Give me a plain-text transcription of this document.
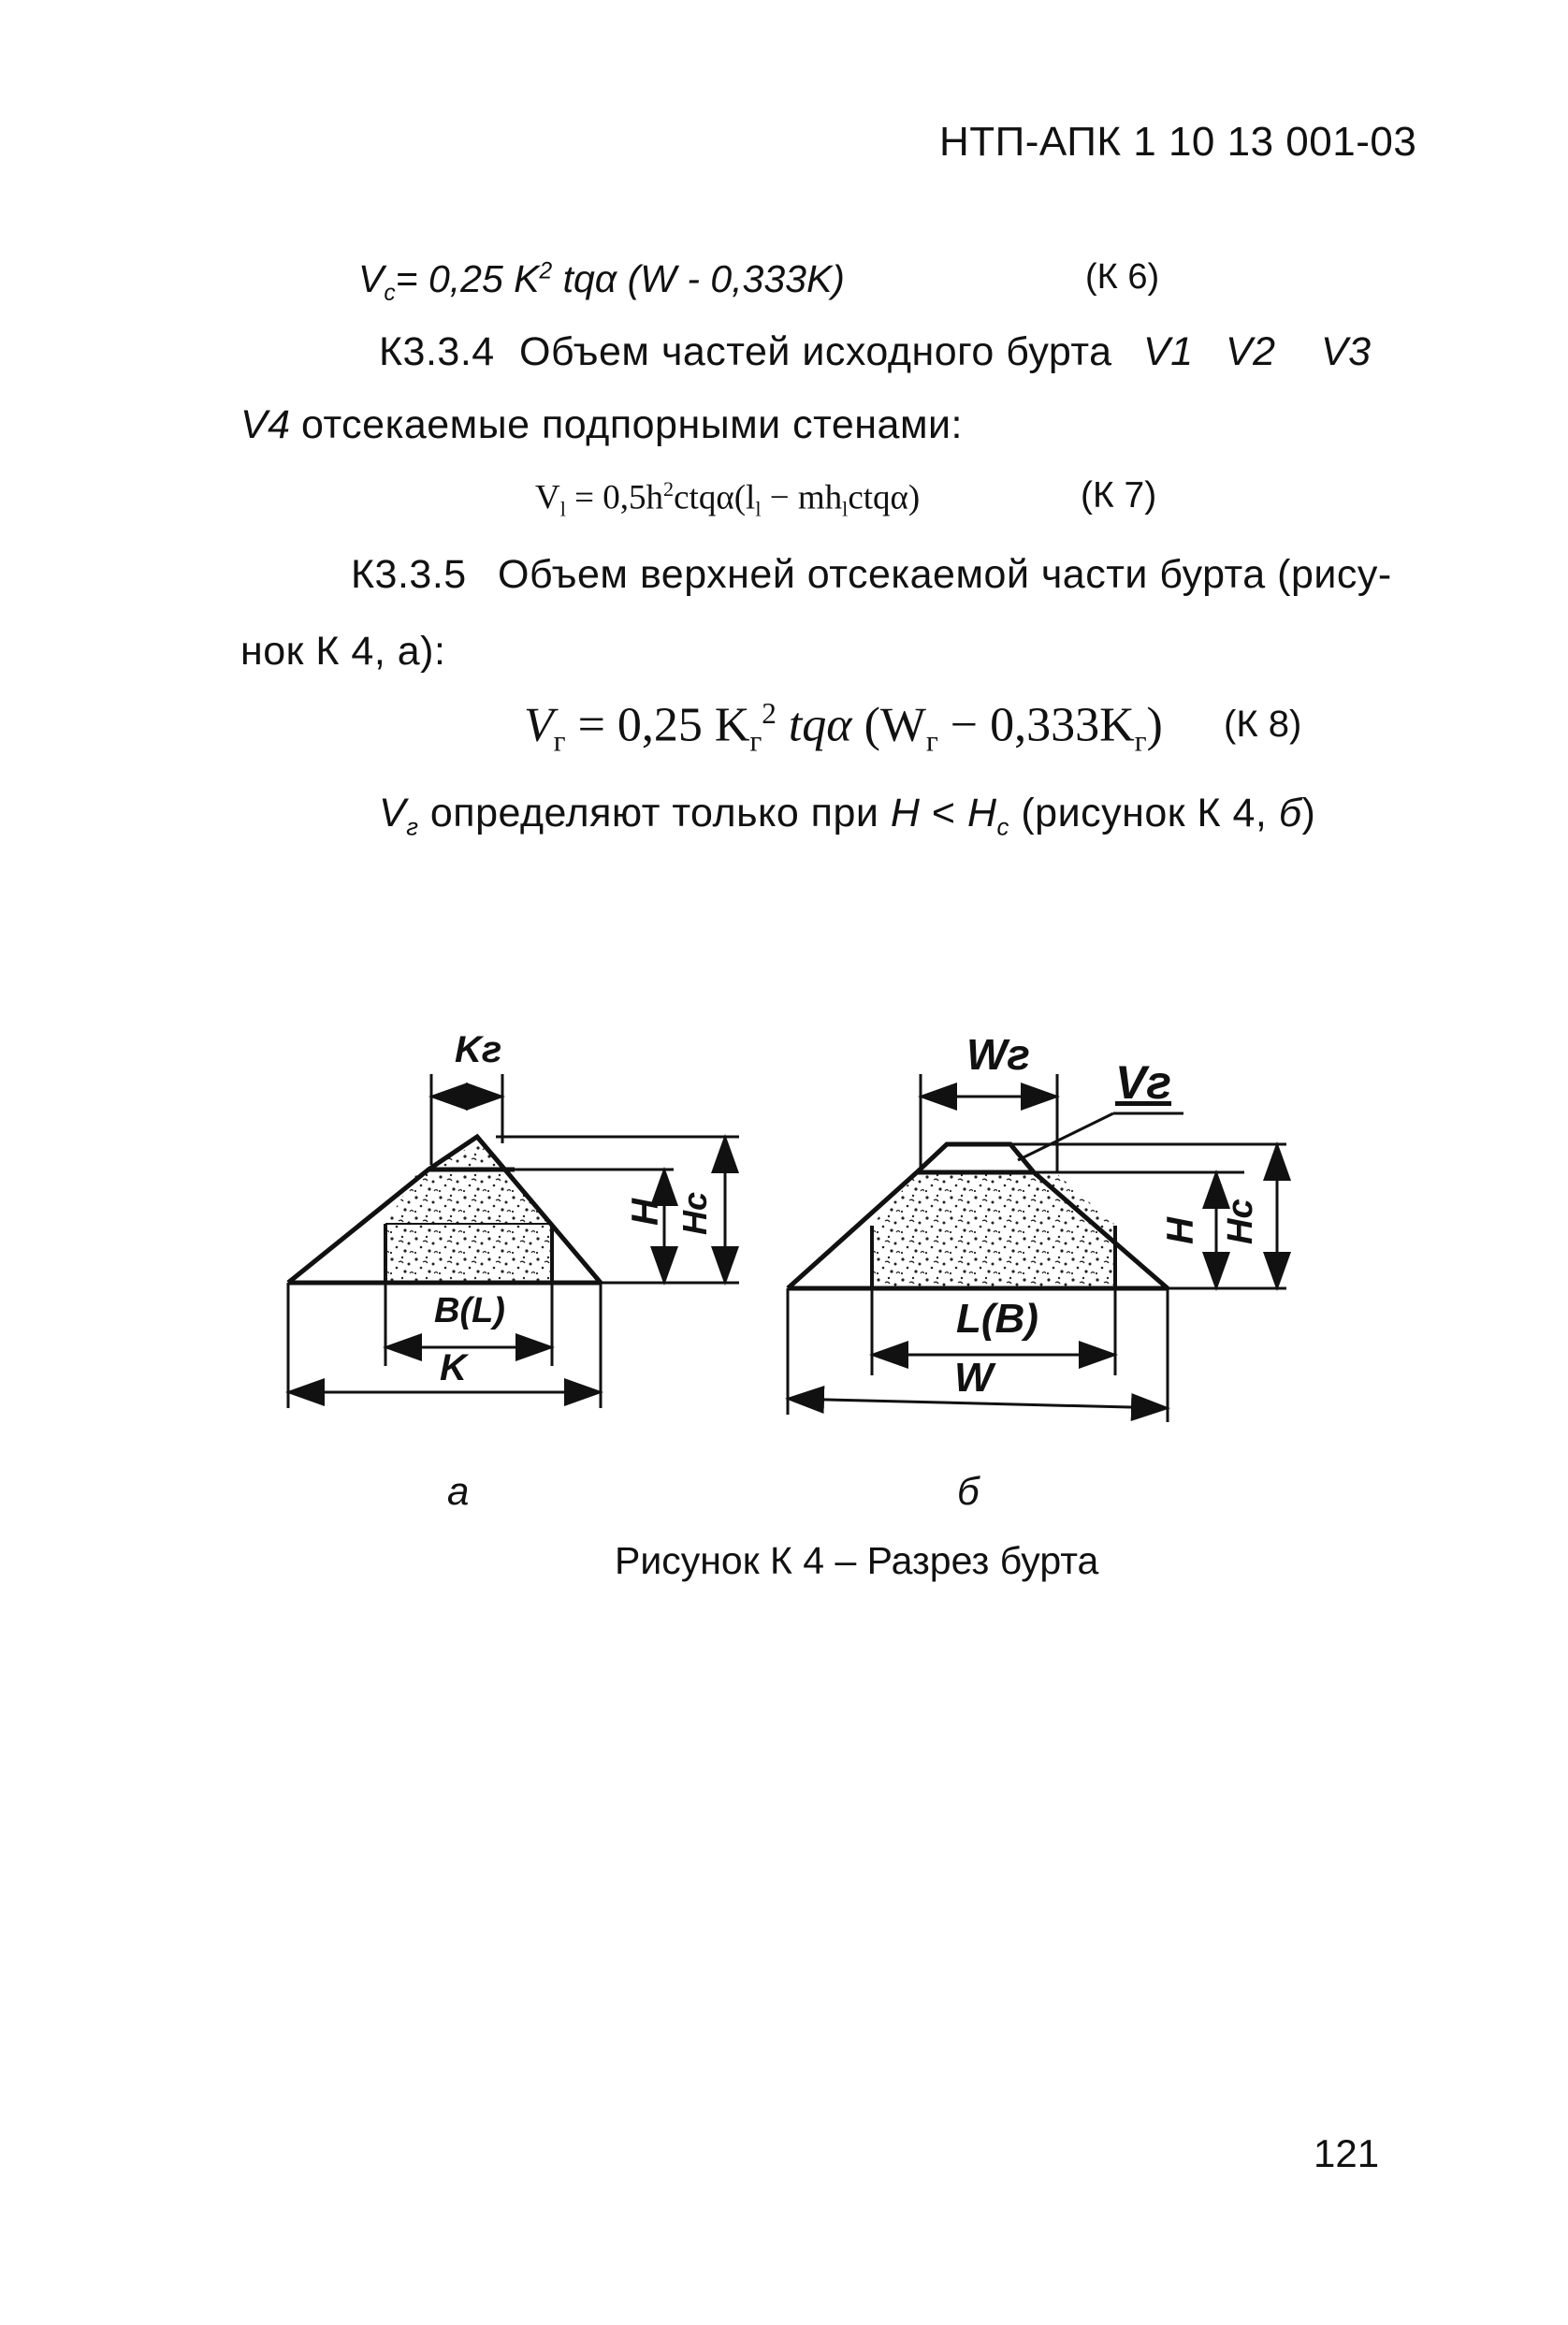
НТП-АПК 1 10 13 001-03
$V_c= 0,25$ $K^2$ tqα (W - 0,333K)	(К 6)
К3.3.4 Объем частей исходного бурта V1 V2 V3
V4 отсекаемые подпорными стенами:
$V_l = 0,5h^2ctq\alpha(l_l - mh_lctq\alpha)$	(К 7)
К3.3.5 Объем верхней отсекаемой части бурта (рису-
нок К 4, а):
$V_г = 0,25$ $K_г^2$ tqα $(W_г - 0,333K_г)$ (К 8)
$V_г$ определяют только при $H < H_c$ (рисунок К 4, б)
Kг
H Hc
B(L)
K
а
Wг
Vг
H Hc
L(B)
W
б
Рисунок К 4 – Разрез бурта
121
